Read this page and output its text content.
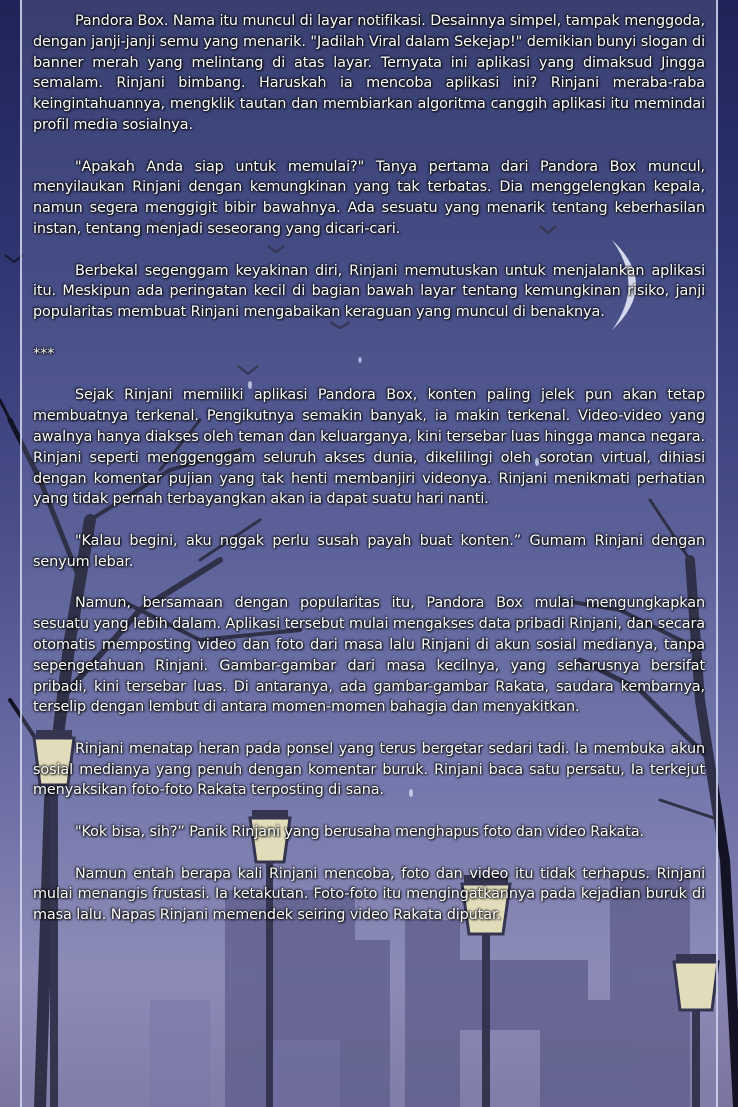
Pandora Box. Nama itu muncul di layar notifikasi. Desainnya simpel, tampak menggoda, dengan janji-janji semu yang menarik. "Jadilah Viral dalam Sekejap!" demikian bunyi slogan di banner merah yang melintang di atas layar. Ternyata ini aplikasi yang dimaksud Jingga semalam. Rinjani bimbang. Haruskah ia mencoba aplikasi ini? Rinjani meraba-raba keingintahuannya, mengklik tautan dan membiarkan algoritma canggih aplikasi itu memindai profil media sosialnya.

"Apakah Anda siap untuk memulai?" Tanya pertama dari Pandora Box muncul, menyilaukan Rinjani dengan kemungkinan yang tak terbatas. Dia menggelengkan kepala, namun segera menggigit bibir bawahnya. Ada sesuatu yang menarik tentang keberhasilan instan, tentang menjadi seseorang yang dicari-cari.

Berbekal segenggam keyakinan diri, Rinjani memutuskan untuk menjalankan aplikasi itu. Meskipun ada peringatan kecil di bagian bawah layar tentang kemungkinan risiko, janji popularitas membuat Rinjani mengabaikan keraguan yang muncul di benaknya.

***

Sejak Rinjani memiliki aplikasi Pandora Box, konten paling jelek pun akan tetap membuatnya terkenal. Pengikutnya semakin banyak, ia makin terkenal. Video-video yang awalnya hanya diakses oleh teman dan keluarganya, kini tersebar luas hingga manca negara. Rinjani seperti menggenggam seluruh akses dunia, dikelilingi oleh sorotan virtual, dihiasi dengan komentar pujian yang tak henti membanjiri videonya. Rinjani menikmati perhatian yang tidak pernah terbayangkan akan ia dapat suatu hari nanti.

"Kalau begini, aku nggak perlu susah payah buat konten.” Gumam Rinjani dengan senyum lebar.

Namun, bersamaan dengan popularitas itu, Pandora Box mulai mengungkapkan sesuatu yang lebih dalam. Aplikasi tersebut mulai mengakses data pribadi Rinjani, dan secara otomatis memposting video dan foto dari masa lalu Rinjani di akun sosial medianya, tanpa sepengetahuan Rinjani. Gambar-gambar dari masa kecilnya, yang seharusnya bersifat pribadi, kini tersebar luas. Di antaranya, ada gambar-gambar Rakata, saudara kembarnya, terselip dengan lembut di antara momen-momen bahagia dan menyakitkan.

Rinjani menatap heran pada ponsel yang terus bergetar sedari tadi. Ia membuka akun sosial medianya yang penuh dengan komentar buruk. Rinjani baca satu persatu, Ia terkejut menyaksikan foto-foto Rakata terposting di sana.

"Kok bisa, sih?” Panik Rinjani yang berusaha menghapus foto dan video Rakata.

Namun entah berapa kali Rinjani mencoba, foto dan video itu tidak terhapus. Rinjani mulai menangis frustasi. Ia ketakutan. Foto-foto itu mengingatkannya pada kejadian buruk di masa lalu. Napas Rinjani memendek seiring video Rakata diputar.
